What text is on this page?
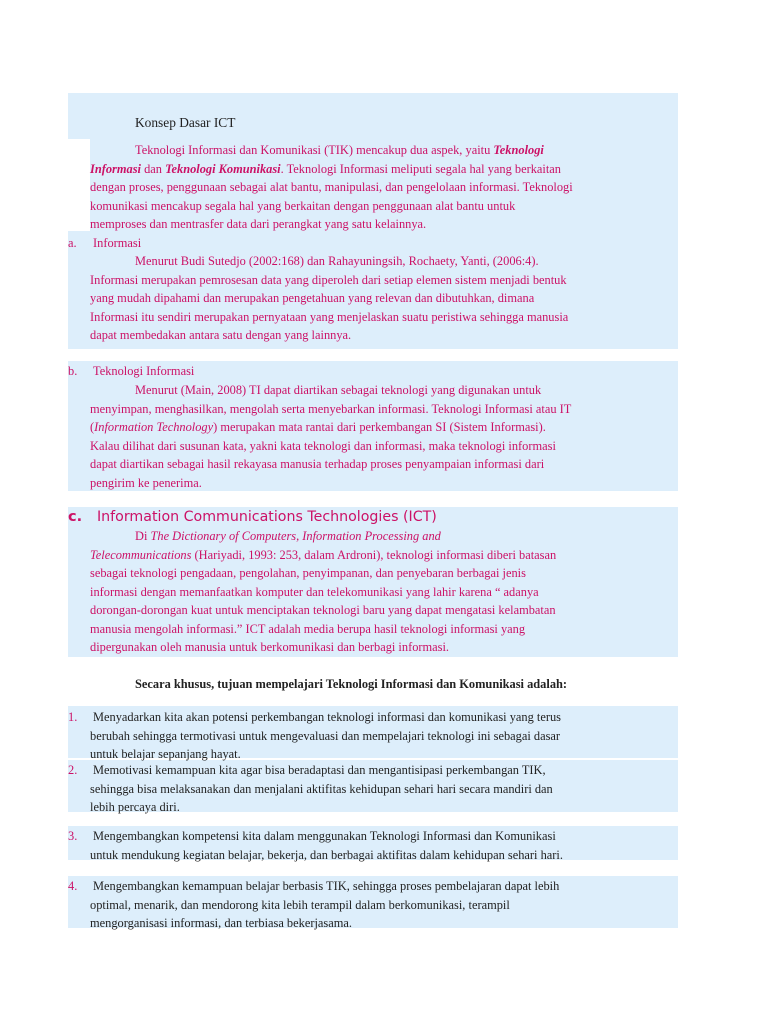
Konsep Dasar ICT
Teknologi Informasi dan Komunikasi (TIK) mencakup dua aspek, yaitu Teknologi
Informasi dan Teknologi Komunikasi. Teknologi Informasi meliputi segala hal yang berkaitan
dengan proses, penggunaan sebagai alat bantu, manipulasi, dan pengelolaan informasi. Teknologi
komunikasi mencakup segala hal yang berkaitan dengan penggunaan alat bantu untuk
memproses dan mentrasfer data dari perangkat yang satu kelainnya.
a. Informasi
Menurut Budi Sutedjo (2002:168) dan Rahayuningsih, Rochaety, Yanti, (2006:4).
Informasi merupakan pemrosesan data yang diperoleh dari setiap elemen sistem menjadi bentuk
yang mudah dipahami dan merupakan pengetahuan yang relevan dan dibutuhkan, dimana
Informasi itu sendiri merupakan pernyataan yang menjelaskan suatu peristiwa sehingga manusia
dapat membedakan antara satu dengan yang lainnya.
b. Teknologi Informasi
Menurut (Main, 2008) TI dapat diartikan sebagai teknologi yang digunakan untuk
menyimpan, menghasilkan, mengolah serta menyebarkan informasi. Teknologi Informasi atau IT
(Information Technology) merupakan mata rantai dari perkembangan SI (Sistem Informasi).
Kalau dilihat dari susunan kata, yakni kata teknologi dan informasi, maka teknologi informasi
dapat diartikan sebagai hasil rekayasa manusia terhadap proses penyampaian informasi dari
pengirim ke penerima.
c. Information Communications Technologies (ICT)
Di The Dictionary of Computers, Information Processing and
Telecommunications (Hariyadi, 1993: 253, dalam Ardroni), teknologi informasi diberi batasan
sebagai teknologi pengadaan, pengolahan, penyimpanan, dan penyebaran berbagai jenis
informasi dengan memanfaatkan komputer dan telekomunikasi yang lahir karena “ adanya
dorongan-dorongan kuat untuk menciptakan teknologi baru yang dapat mengatasi kelambatan
manusia mengolah informasi.” ICT adalah media berupa hasil teknologi informasi yang
dipergunakan oleh manusia untuk berkomunikasi dan berbagi informasi.
Secara khusus, tujuan mempelajari Teknologi Informasi dan Komunikasi adalah:
1. Menyadarkan kita akan potensi perkembangan teknologi informasi dan komunikasi yang terus
berubah sehingga termotivasi untuk mengevaluasi dan mempelajari teknologi ini sebagai dasar
untuk belajar sepanjang hayat.
2. Memotivasi kemampuan kita agar bisa beradaptasi dan mengantisipasi perkembangan TIK,
sehingga bisa melaksanakan dan menjalani aktifitas kehidupan sehari hari secara mandiri dan
lebih percaya diri.
3. Mengembangkan kompetensi kita dalam menggunakan Teknologi Informasi dan Komunikasi
untuk mendukung kegiatan belajar, bekerja, dan berbagai aktifitas dalam kehidupan sehari hari.
4. Mengembangkan kemampuan belajar berbasis TIK, sehingga proses pembelajaran dapat lebih
optimal, menarik, dan mendorong kita lebih terampil dalam berkomunikasi, terampil
mengorganisasi informasi, dan terbiasa bekerjasama.
